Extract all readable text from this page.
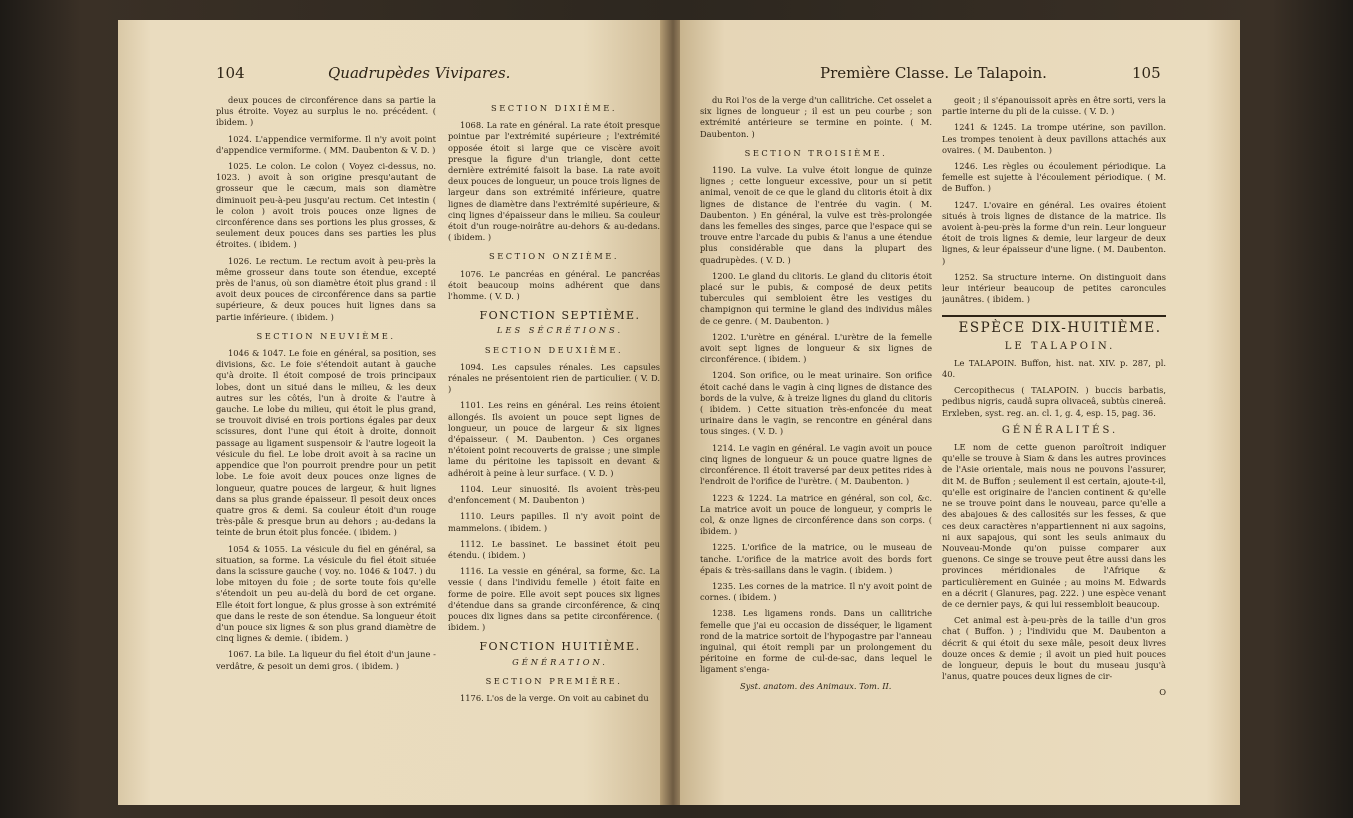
104	Quadrupèdes Vivipares.

deux pouces de circonférence dans sa partie la plus étroite. Voyez au surplus le no. précédent. ( ibidem. )

1024. L'appendice vermiforme. Il n'y avoit point d'appendice vermiforme. ( MM. Daubenton & V. D. )

1025. Le colon. Le colon ( Voyez ci-dessus, no. 1023. ) avoit à son origine presqu'autant de grosseur que le cæcum, mais son diamètre diminuoit peu-à-peu jusqu'au rectum. Cet intestin ( le colon ) avoit trois pouces onze lignes de circonférence dans ses portions les plus grosses, & seulement deux pouces dans ses parties les plus étroites. ( ibidem. )

1026. Le rectum. Le rectum avoit à peu-près la même grosseur dans toute son étendue, excepté près de l'anus, où son diamètre étoit plus grand : il avoit deux pouces de circonférence dans sa partie supérieure, & deux pouces huit lignes dans sa partie inférieure. ( ibidem. )

SECTION NEUVIÈME.

1046 & 1047. Le foie en général, sa position, ses divisions, &c. Le foie s'étendoit autant à gauche qu'à droite. Il étoit composé de trois principaux lobes, dont un situé dans le milieu, & les deux autres sur les côtés, l'un à droite & l'autre à gauche. Le lobe du milieu, qui étoit le plus grand, se trouvoit divisé en trois portions égales par deux scissures, dont l'une qui étoit à droite, donnoit passage au ligament suspensoir & l'autre logeoit la vésicule du fiel. Le lobe droit avoit à sa racine un appendice que l'on pourroit prendre pour un petit lobe. Le foie avoit deux pouces onze lignes de longueur, quatre pouces de largeur, & huit lignes dans sa plus grande épaisseur. Il pesoit deux onces quatre gros & demi. Sa couleur étoit d'un rouge très-pâle & presque brun au dehors ; au-dedans la teinte de brun étoit plus foncée. ( ibidem. )

1054 & 1055. La vésicule du fiel en général, sa situation, sa forme. La vésicule du fiel étoit située dans la scissure gauche ( voy. no. 1046 & 1047. ) du lobe mitoyen du foie ; de sorte toute fois qu'elle s'étendoit un peu au-delà du bord de cet organe. Elle étoit fort longue, & plus grosse à son extrémité que dans le reste de son étendue. Sa longueur étoit d'un pouce six lignes & son plus grand diamètre de cinq lignes & demie. ( ibidem. )

1067. La bile. La liqueur du fiel étoit d'un jaune - verdâtre, & pesoit un demi gros. ( ibidem. )

SECTION DIXIÈME.

1068. La rate en général. La rate étoit presque pointue par l'extrémité supérieure ; l'extrémité opposée étoit si large que ce viscère avoit presque la figure d'un triangle, dont cette dernière extrémité faisoit la base. La rate avoit deux pouces de longueur, un pouce trois lignes de largeur dans son extrémité inférieure, quatre lignes de diamètre dans l'extrémité supérieure, & cinq lignes d'épaisseur dans le milieu. Sa couleur étoit d'un rouge-noirâtre au-dehors & au-dedans. ( ibidem. )

SECTION ONZIÈME.

1076. Le pancréas en général. Le pancréas étoit beaucoup moins adhérent que dans l'homme. ( V. D. )

FONCTION SEPTIÈME.

LES SÉCRÉTIONS.

SECTION DEUXIÈME.

1094. Les capsules rénales. Les capsules rénales ne présentoient rien de particulier. ( V. D. )

1101. Les reins en général. Les reins étoient allongés. Ils avoient un pouce sept lignes de longueur, un pouce de largeur & six lignes d'épaisseur. ( M. Daubenton. ) Ces organes n'étoient point recouverts de graisse ; une simple lame du péritoine les tapissoit en devant & adhéroit à peine à leur surface. ( V. D. )

1104. Leur sinuosité. Ils avoient très-peu d'enfoncement ( M. Daubenton )

1110. Leurs papilles. Il n'y avoit point de mammelons. ( ibidem. )

1112. Le bassinet. Le bassinet étoit peu étendu. ( ibidem. )

1116. La vessie en général, sa forme, &c. La vessie ( dans l'individu femelle ) étoit faite en forme de poire. Elle avoit sept pouces six lignes d'étendue dans sa grande circonférence, & cinq pouces dix lignes dans sa petite circonférence. ( ibidem. )

FONCTION HUITIÈME.

GÉNÉRATION.

SECTION PREMIÈRE.

1176. L'os de la verge. On voit au cabinet du

Première Classe. Le Talapoin.	105

du Roi l'os de la verge d'un callitriche. Cet osselet a six lignes de longueur ; il est un peu courbe ; son extrémité antérieure se termine en pointe. ( M. Daubenton. )

SECTION TROISIÈME.

1190. La vulve. La vulve étoit longue de quinze lignes ; cette longueur excessive, pour un si petit animal, venoit de ce que le gland du clitoris étoit à dix lignes de distance de l'entrée du vagin. ( M. Daubenton. ) En général, la vulve est très-prolongée dans les femelles des singes, parce que l'espace qui se trouve entre l'arcade du pubis & l'anus a une étendue plus considérable que dans la plupart des quadrupèdes. ( V. D. )

1200. Le gland du clitoris. Le gland du clitoris étoit placé sur le pubis, & composé de deux petits tubercules qui sembloient être les vestiges du champignon qui termine le gland des individus mâles de ce genre. ( M. Daubenton. )

1202. L'urètre en général. L'urètre de la femelle avoit sept lignes de longueur & six lignes de circonférence. ( ibidem. )

1204. Son orifice, ou le meat urinaire. Son orifice étoit caché dans le vagin à cinq lignes de distance des bords de la vulve, & à treize lignes du gland du clitoris ( ibidem. ) Cette situation très-enfoncée du meat urinaire dans le vagin, se rencontre en général dans tous singes. ( V. D. )

1214. Le vagin en général. Le vagin avoit un pouce cinq lignes de longueur & un pouce quatre lignes de circonférence. Il étoit traversé par deux petites rides à l'endroit de l'orifice de l'urètre. ( M. Daubenton. )

1223 & 1224. La matrice en général, son col, &c. La matrice avoit un pouce de longueur, y compris le col, & onze lignes de circonférence dans son corps. ( ibidem. )

1225. L'orifice de la matrice, ou le museau de tanche. L'orifice de la matrice avoit des bords fort épais & très-saillans dans le vagin. ( ibidem. )

1235. Les cornes de la matrice. Il n'y avoit point de cornes. ( ibidem. )

1238. Les ligamens ronds. Dans un callitriche femelle que j'ai eu occasion de disséquer, le ligament rond de la matrice sortoit de l'hypogastre par l'anneau inguinal, qui étoit rempli par un prolongement du péritoine en forme de cul-de-sac, dans lequel le ligament s'enga-

Syst. anatom. des Animaux. Tom. II.

geoit ; il s'épanouissoit après en être sorti, vers la partie interne du pli de la cuisse. ( V. D. )

1241 & 1245. La trompe utérine, son pavillon. Les trompes tenoient à deux pavillons attachés aux ovaires. ( M. Daubenton. )

1246. Les règles ou écoulement périodique. La femelle est sujette à l'écoulement périodique. ( M. de Buffon. )

1247. L'ovaire en général. Les ovaires étoient situés à trois lignes de distance de la matrice. Ils avoient à-peu-près la forme d'un rein. Leur longueur étoit de trois lignes & demie, leur largeur de deux lignes, & leur épaisseur d'une ligne. ( M. Daubenton. )

1252. Sa structure interne. On distinguoit dans leur intérieur beaucoup de petites caroncules jaunâtres. ( ibidem. )

ESPÈCE DIX-HUITIÈME.

LE TALAPOIN.

Le TALAPOIN. Buffon, hist. nat. XIV. p. 287, pl. 40.

Cercopithecus ( TALAPOIN. ) buccis barbatis, pedibus nigris, caudâ supra olivaceâ, subtùs cinereâ. Erxleben, syst. reg. an. cl. 1, g. 4, esp. 15, pag. 36.

GÉNÉRALITÉS.

LE nom de cette guenon paroîtroit indiquer qu'elle se trouve à Siam & dans les autres provinces de l'Asie orientale, mais nous ne pouvons l'assurer, dit M. de Buffon ; seulement il est certain, ajoute-t-il, qu'elle est originaire de l'ancien continent & qu'elle ne se trouve point dans le nouveau, parce qu'elle a des abajoues & des callosités sur les fesses, & que ces deux caractères n'appartiennent ni aux sagoins, ni aux sapajous, qui sont les seuls animaux du Nouveau-Monde qu'on puisse comparer aux guenons. Ce singe se trouve peut être aussi dans les provinces méridionales de l'Afrique & particulièrement en Guinée ; au moins M. Edwards en a décrit ( Glanures, pag. 222. ) une espèce venant de ce dernier pays, & qui lui ressembloit beaucoup.

Cet animal est à-peu-près de la taille d'un gros chat ( Buffon. ) ; l'individu que M. Daubenton a décrit & qui étoit du sexe mâle, pesoit deux livres douze onces & demie ; il avoit un pied huit pouces de longueur, depuis le bout du museau jusqu'à l'anus, quatre pouces deux lignes de cir-

O
